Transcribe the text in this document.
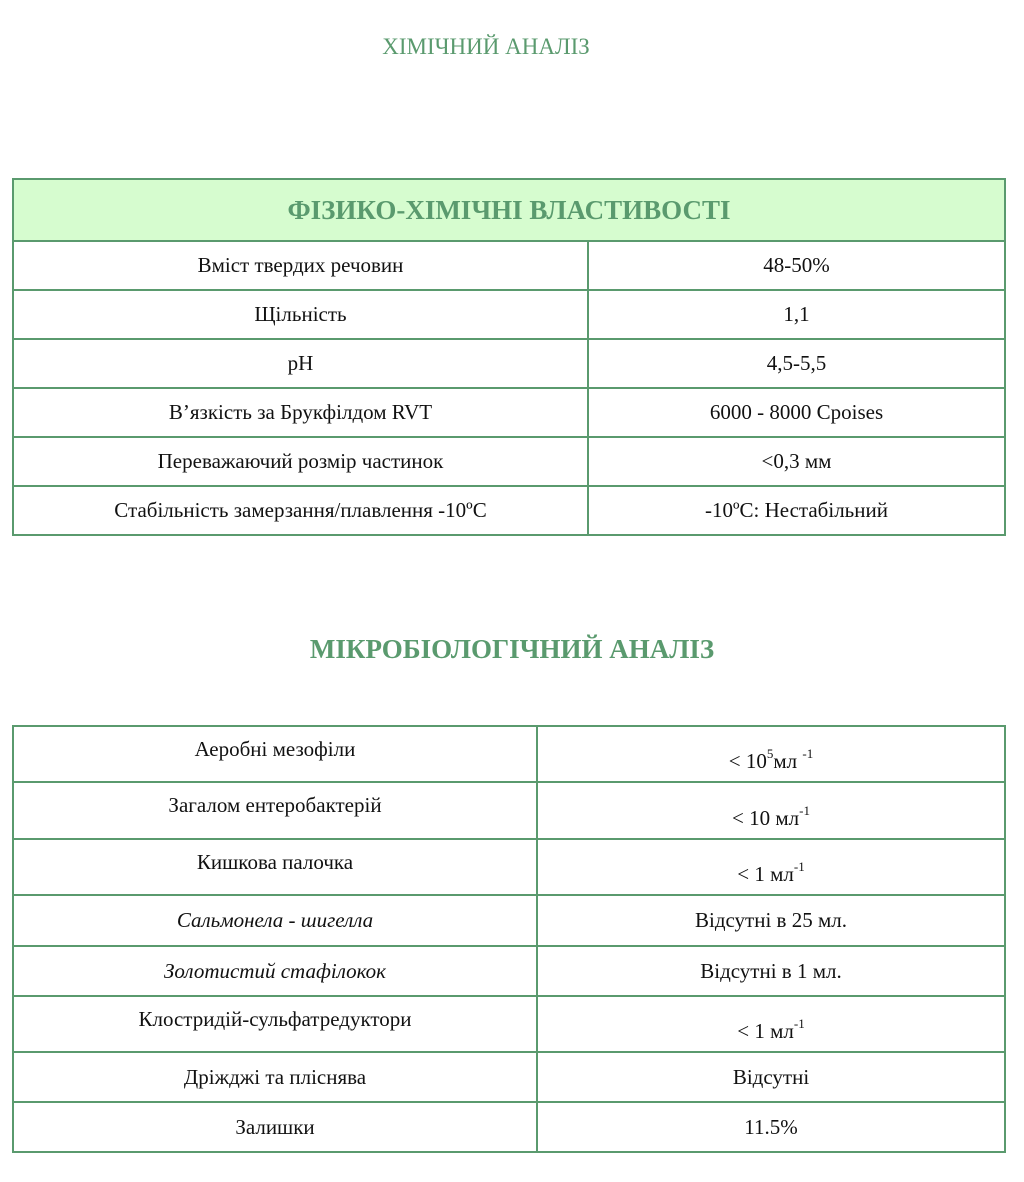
ХІМІЧНИЙ АНАЛІЗ
ФІЗИКО-ХІМІЧНІ ВЛАСТИВОСТІ	
Вміст твердих речовин	48-50%
Щільність	1,1
pH	4,5-5,5
В’язкість за Брукфілдом RVT	6000 - 8000 Cpoises
Переважаючий розмір частинок	<0,3 мм
Стабільність замерзання/плавлення -10ºC	-10ºC: Нестабільний
МІКРОБІОЛОГІЧНИЙ АНАЛІЗ
Аеробні мезофіли	< $10^5мл$ $^{-1}$
Загалом ентеробактерій	< 10 $мл^{-1}$
Кишкова палочка	< 1 $мл^{-1}$
Сальмонела - шигелла	Відсутні в 25 мл.
Золотистий стафілокок	Відсутні в 1 мл.
Клостридій-сульфатредуктори	< 1 $мл^{-1}$
Дріжджі та пліснява	Відсутні
Залишки	11.5%
